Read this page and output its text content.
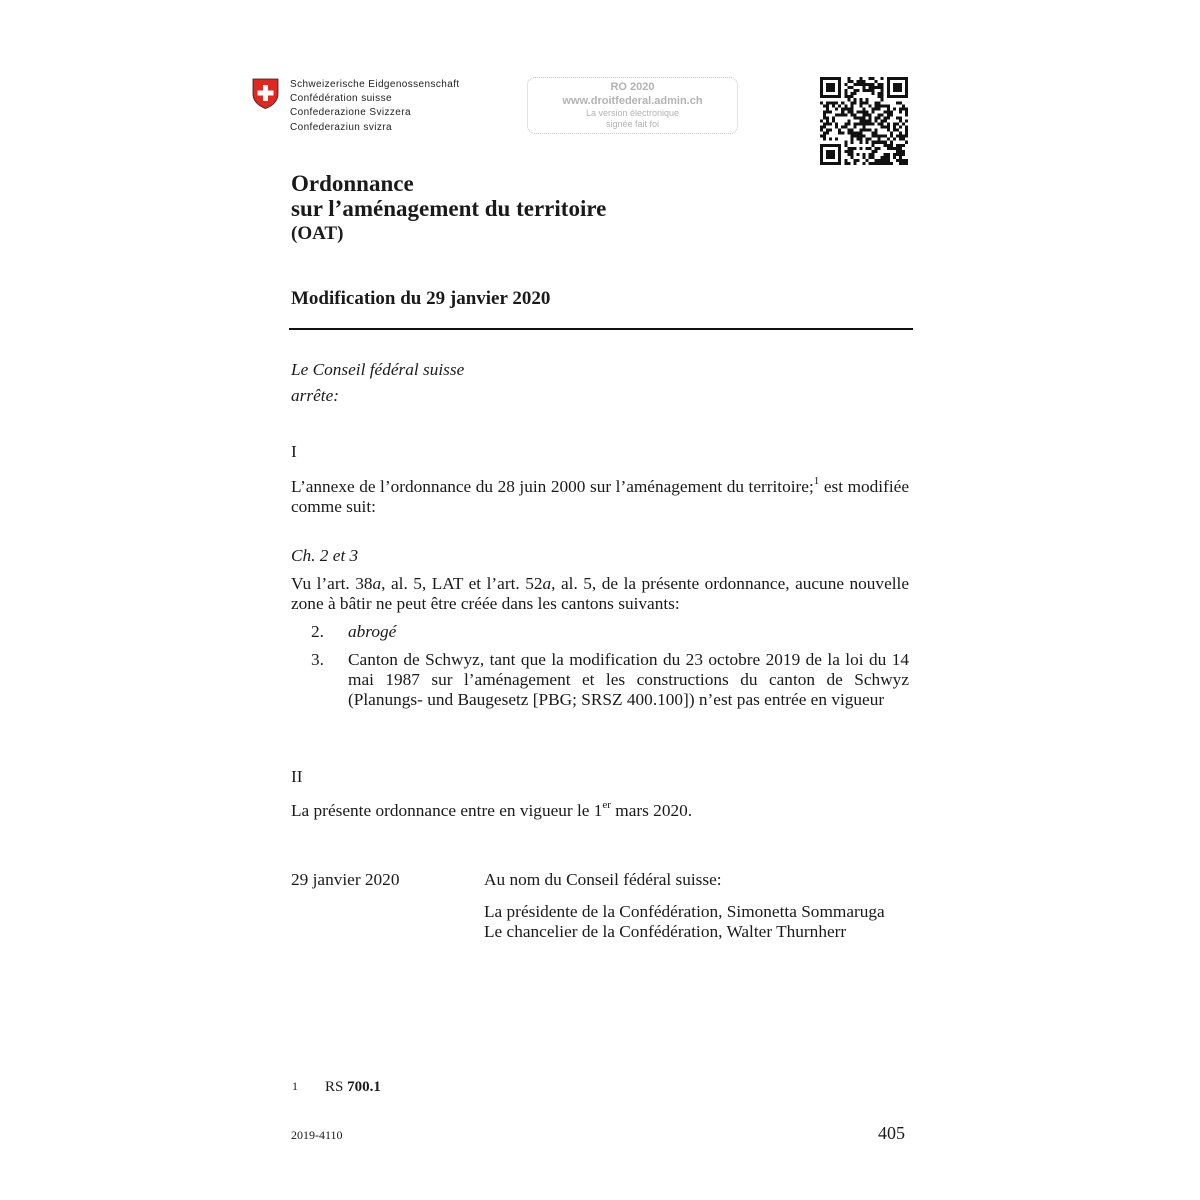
Schweizerische Eidgenossenschaft
Confédération suisse
Confederazione Svizzera
Confederaziun svizra
RO 2020
www.droitfederal.admin.ch
La version électronique
signée fait foi
Ordonnance
sur l’aménagement du territoire
(OAT)
Modification du 29 janvier 2020
Le Conseil fédéral suisse
arrête:
I
L’annexe de l’ordonnance du 28 juin 2000 sur l’aménagement du territoire;$^1$ est modifiée comme suit:
Ch. 2 et 3
Vu l’art. 38a, al. 5, LAT et l’art. 52a, al. 5, de la présente ordonnance, aucune nouvelle zone à bâtir ne peut être créée dans les cantons suivants:
2. abrogé
3. Canton de Schwyz, tant que la modification du 23 octobre 2019 de la loi du 14 mai 1987 sur l’aménagement et les constructions du canton de Schwyz (Planungs- und Baugesetz [PBG; SRSZ 400.100]) n’est pas entrée en vigueur
II
La présente ordonnance entre en vigueur le 1er mars 2020.
29 janvier 2020	Au nom du Conseil fédéral suisse:
La présidente de la Confédération, Simonetta Sommaruga
Le chancelier de la Confédération, Walter Thurnherr
1 RS 700.1
2019-4110	405
